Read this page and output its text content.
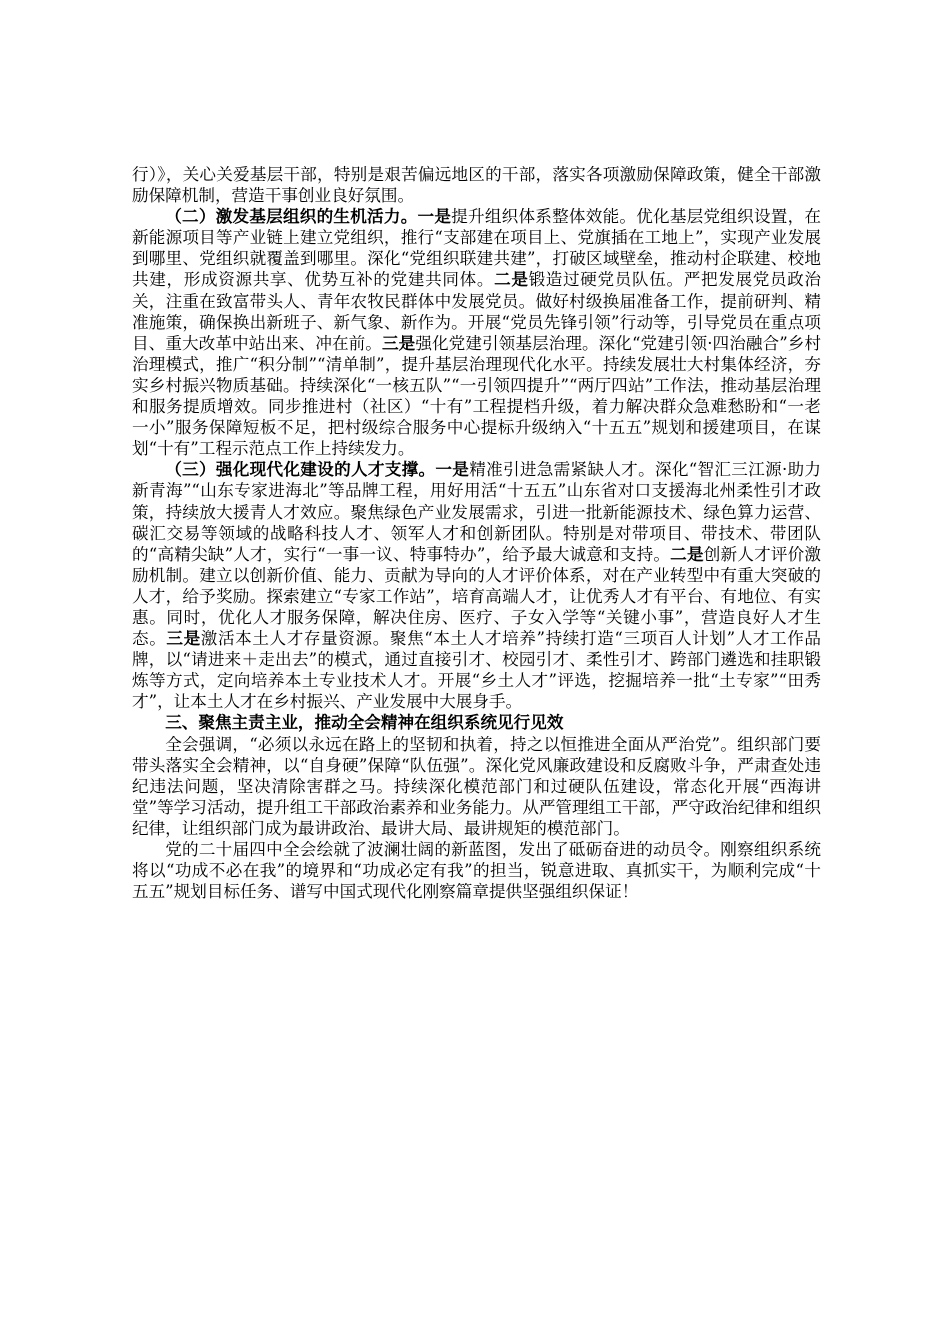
行）》，关心关爱基层干部，特别是艰苦偏远地区的干部，落实各项激励保障政策，健全干部激励保障机制，营造干事创业良好氛围。

（二）激发基层组织的生机活力。一是提升组织体系整体效能。优化基层党组织设置，在新能源项目等产业链上建立党组织，推行“支部建在项目上、党旗插在工地上”，实现产业发展到哪里、党组织就覆盖到哪里。深化“党组织联建共建”，打破区域壁垒，推动村企联建、校地共建，形成资源共享、优势互补的党建共同体。二是锻造过硬党员队伍。严把发展党员政治关，注重在致富带头人、青年农牧民群体中发展党员。做好村级换届准备工作，提前研判、精准施策，确保换出新班子、新气象、新作为。开展“党员先锋引领”行动等，引导党员在重点项目、重大改革中站出来、冲在前。三是强化党建引领基层治理。深化“党建引领·四治融合”乡村治理模式，推广“积分制”“清单制”，提升基层治理现代化水平。持续发展壮大村集体经济，夯实乡村振兴物质基础。持续深化“一核五队”“一引领四提升”“两厅四站”工作法，推动基层治理和服务提质增效。同步推进村（社区）“十有”工程提档升级，着力解决群众急难愁盼和“一老一小”服务保障短板不足，把村级综合服务中心提标升级纳入“十五五”规划和援建项目，在谋划“十有”工程示范点工作上持续发力。

（三）强化现代化建设的人才支撑。一是精准引进急需紧缺人才。深化“智汇三江源·助力新青海”“山东专家进海北”等品牌工程，用好用活“十五五”山东省对口支援海北州柔性引才政策，持续放大援青人才效应。聚焦绿色产业发展需求，引进一批新能源技术、绿色算力运营、碳汇交易等领域的战略科技人才、领军人才和创新团队。特别是对带项目、带技术、带团队的“高精尖缺”人才，实行“一事一议、特事特办”，给予最大诚意和支持。二是创新人才评价激励机制。建立以创新价值、能力、贡献为导向的人才评价体系，对在产业转型中有重大突破的人才，给予奖励。探索建立“专家工作站”，培育高端人才，让优秀人才有平台、有地位、有实惠。同时，优化人才服务保障，解决住房、医疗、子女入学等“关键小事”，营造良好人才生态。三是激活本土人才存量资源。聚焦“本土人才培养”持续打造“三项百人计划”人才工作品牌，以“请进来＋走出去”的模式，通过直接引才、校园引才、柔性引才、跨部门遴选和挂职锻炼等方式，定向培养本土专业技术人才。开展“乡土人才”评选，挖掘培养一批“土专家”“田秀才”，让本土人才在乡村振兴、产业发展中大展身手。

三、聚焦主责主业，推动全会精神在组织系统见行见效

全会强调，“必须以永远在路上的坚韧和执着，持之以恒推进全面从严治党”。组织部门要带头落实全会精神，以“自身硬”保障“队伍强”。深化党风廉政建设和反腐败斗争，严肃查处违纪违法问题，坚决清除害群之马。持续深化模范部门和过硬队伍建设，常态化开展“西海讲堂”等学习活动，提升组工干部政治素养和业务能力。从严管理组工干部，严守政治纪律和组织纪律，让组织部门成为最讲政治、最讲大局、最讲规矩的模范部门。

党的二十届四中全会绘就了波澜壮阔的新蓝图，发出了砥砺奋进的动员令。刚察组织系统将以“功成不必在我”的境界和“功成必定有我”的担当，锐意进取、真抓实干，为顺利完成“十五五”规划目标任务、谱写中国式现代化刚察篇章提供坚强组织保证！
